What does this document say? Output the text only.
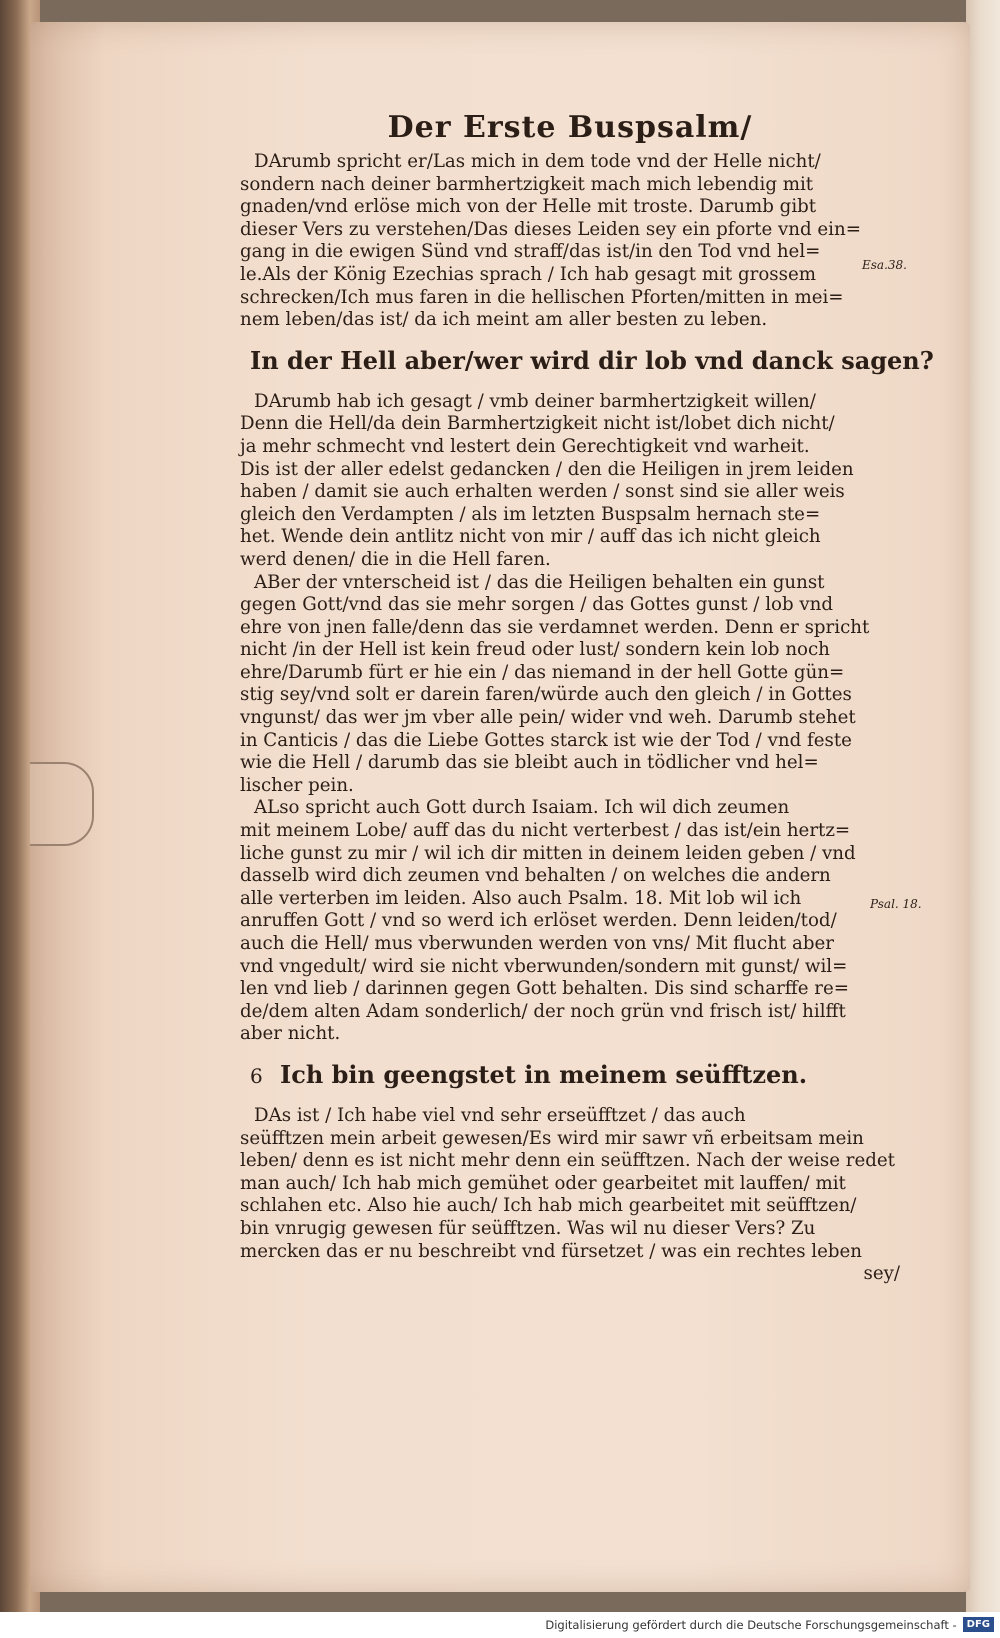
Der Erste Buspsalm/
DArumb spricht er/Las mich in dem tode vnd der Helle nicht/
sondern nach deiner barmhertzigkeit mach mich lebendig mit
gnaden/vnd erlöse mich von der Helle mit troste. Darumb gibt
dieser Vers zu verstehen/Das dieses Leiden sey ein pforte vnd ein=
gang in die ewigen Sünd vnd straff/das ist/in den Tod vnd hel=
le.Als der König Ezechias sprach / Ich hab gesagt mit grossem
schrecken/Ich mus faren in die hellischen Pforten/mitten in mei=
nem leben/das ist/ da ich meint am aller besten zu leben.
In der Hell aber/wer wird dir lob vnd danck sagen?
DArumb hab ich gesagt / vmb deiner barmhertzigkeit willen/
Denn die Hell/da dein Barmhertzigkeit nicht ist/lobet dich nicht/
ja mehr schmecht vnd lestert dein Gerechtigkeit vnd warheit.
Dis ist der aller edelst gedancken / den die Heiligen in jrem leiden
haben / damit sie auch erhalten werden / sonst sind sie aller weis
gleich den Verdampten / als im letzten Buspsalm hernach ste=
het. Wende dein antlitz nicht von mir / auff das ich nicht gleich
werd denen/ die in die Hell faren.
ABer der vnterscheid ist / das die Heiligen behalten ein gunst
gegen Gott/vnd das sie mehr sorgen / das Gottes gunst / lob vnd
ehre von jnen falle/denn das sie verdamnet werden. Denn er spricht
nicht /in der Hell ist kein freud oder lust/ sondern kein lob noch
ehre/Darumb fürt er hie ein / das niemand in der hell Gotte gün=
stig sey/vnd solt er darein faren/würde auch den gleich / in Gottes
vngunst/ das wer jm vber alle pein/ wider vnd weh. Darumb stehet
in Canticis / das die Liebe Gottes starck ist wie der Tod / vnd feste
wie die Hell / darumb das sie bleibt auch in tödlicher vnd hel=
lischer pein.
ALso spricht auch Gott durch Isaiam. Ich wil dich zeumen
mit meinem Lobe/ auff das du nicht verterbest / das ist/ein hertz=
liche gunst zu mir / wil ich dir mitten in deinem leiden geben / vnd
dasselb wird dich zeumen vnd behalten / on welches die andern
alle verterben im leiden. Also auch Psalm. 18. Mit lob wil ich
anruffen Gott / vnd so werd ich erlöset werden. Denn leiden/tod/
auch die Hell/ mus vberwunden werden von vns/ Mit flucht aber
vnd vngedult/ wird sie nicht vberwunden/sondern mit gunst/ wil=
len vnd lieb / darinnen gegen Gott behalten. Dis sind scharffe re=
de/dem alten Adam sonderlich/ der noch grün vnd frisch ist/ hilfft
aber nicht.
6 Ich bin geengstet in meinem seüfftzen.
DAs ist / Ich habe viel vnd sehr erseüfftzet / das auch
seüfftzen mein arbeit gewesen/Es wird mir sawr vñ erbeitsam mein
leben/ denn es ist nicht mehr denn ein seüfftzen. Nach der weise redet
man auch/ Ich hab mich gemühet oder gearbeitet mit lauffen/ mit
schlahen etc. Also hie auch/ Ich hab mich gearbeitet mit seüfftzen/
bin vnrugig gewesen für seüfftzen. Was wil nu dieser Vers? Zu
mercken das er nu beschreibt vnd fürsetzet / was ein rechtes leben
sey/
Esa.38.
Psal. 18.
Digitalisierung gefördert durch die Deutsche Forschungsgemeinschaft - DFG
